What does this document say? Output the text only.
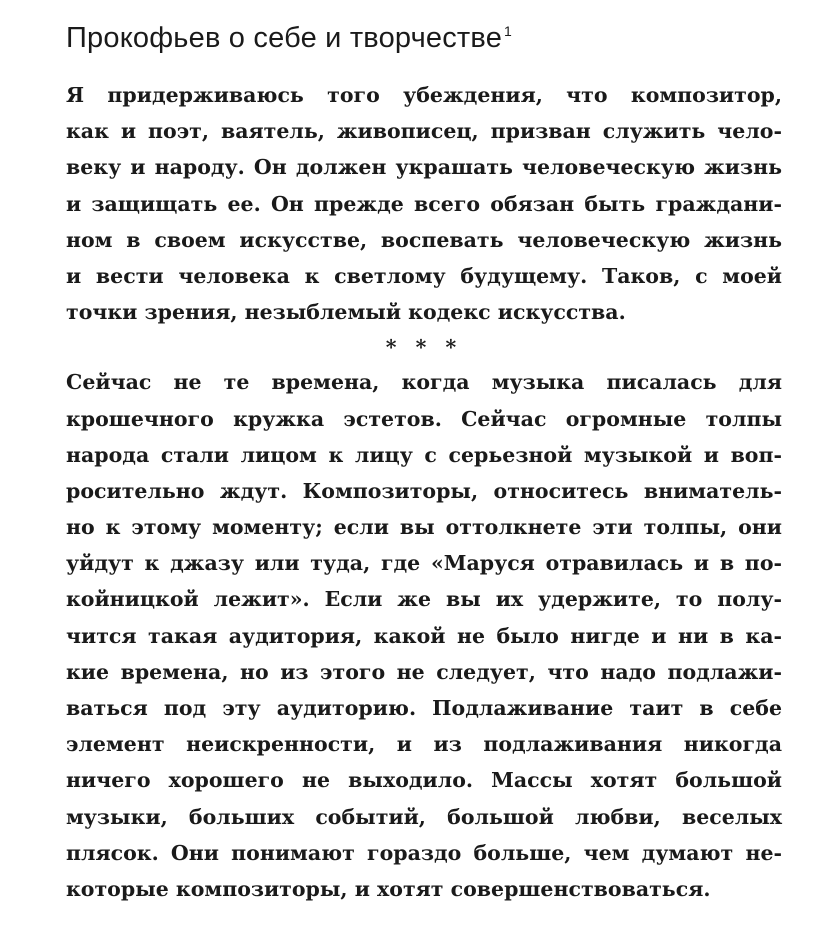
Прокофьев о себе и творчестве $^1$

Я придерживаюсь того убеждения, что композитор,
как и поэт, ваятель, живописец, призван служить чело-
веку и народу. Он должен украшать человеческую жизнь
и защищать ее. Он прежде всего обязан быть граждани-
ном в своем искусстве, воспевать человеческую жизнь
и вести человека к светлому будущему. Таков, с моей
точки зрения, незыблемый кодекс искусства.

* * *

Сейчас не те времена, когда музыка писалась для
крошечного кружка эстетов. Сейчас огромные толпы
народа стали лицом к лицу с серьезной музыкой и воп-
росительно ждут. Композиторы, относитесь вниматель-
но к этому моменту; если вы оттолкнете эти толпы, они
уйдут к джазу или туда, где «Маруся отравилась и в по-
койницкой лежит». Если же вы их удержите, то полу-
чится такая аудитория, какой не было нигде и ни в ка-
кие времена, но из этого не следует, что надо подлажи-
ваться под эту аудиторию. Подлаживание таит в себе
элемент неискренности, и из подлаживания никогда
ничего хорошего не выходило. Массы хотят большой
музыки, больших событий, большой любви, веселых
плясок. Они понимают гораздо больше, чем думают не-
которые композиторы, и хотят совершенствоваться.
